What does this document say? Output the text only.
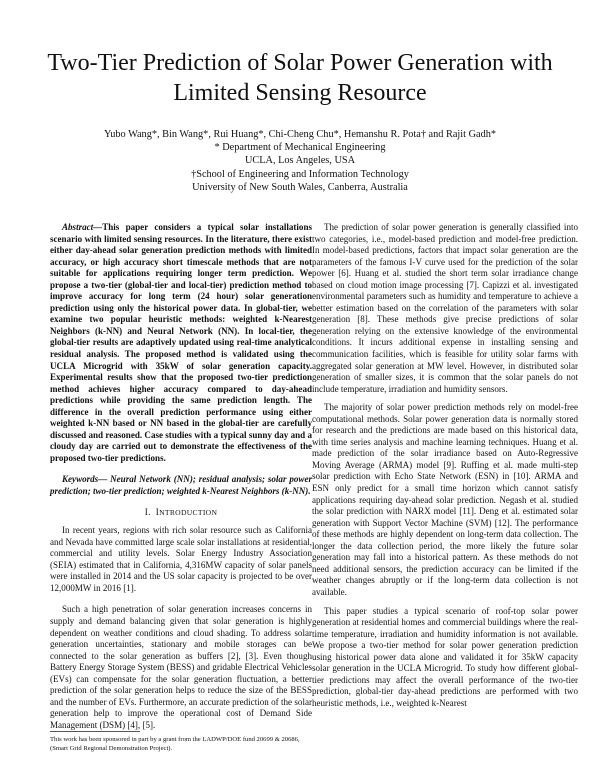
Two-Tier Prediction of Solar Power Generation with
Limited Sensing Resource
Yubo Wang*, Bin Wang*, Rui Huang*, Chi-Cheng Chu*, Hemanshu R. Pota† and Rajit Gadh*
* Department of Mechanical Engineering
UCLA, Los Angeles, USA
†School of Engineering and Information Technology
University of New South Wales, Canberra, Australia

Abstract—This paper considers a typical solar installations scenario with limited sensing resources. In the literature, there exist either day-ahead solar generation prediction methods with limited accuracy, or high accuracy short timescale methods that are not suitable for applications requiring longer term prediction. We propose a two-tier (global-tier and local-tier) prediction method to improve accuracy for long term (24 hour) solar generation prediction using only the historical power data. In global-tier, we examine two popular heuristic methods: weighted k-Nearest Neighbors (k-NN) and Neural Network (NN). In local-tier, the global-tier results are adaptively updated using real-time analytical residual analysis. The proposed method is validated using the UCLA Microgrid with 35kW of solar generation capacity. Experimental results show that the proposed two-tier prediction method achieves higher accuracy compared to day-ahead predictions while providing the same prediction length. The difference in the overall prediction performance using either weighted k-NN based or NN based in the global-tier are carefully discussed and reasoned. Case studies with a typical sunny day and a cloudy day are carried out to demonstrate the effectiveness of the proposed two-tier predictions.

Keywords— Neural Network (NN); residual analysis; solar power prediction; two-tier prediction; weighted k-Nearest Neighbors (k-NN).

I. INTRODUCTION

In recent years, regions with rich solar resource such as California and Nevada have committed large scale solar installations at residential, commercial and utility levels. Solar Energy Industry Association (SEIA) estimated that in California, 4,316MW capacity of solar panels were installed in 2014 and the US solar capacity is projected to be over 12,000MW in 2016 [1].

Such a high penetration of solar generation increases concerns in supply and demand balancing given that solar generation is highly dependent on weather conditions and cloud shading. To address solar generation uncertainties, stationary and mobile storages can be connected to the solar generation as buffers [2], [3]. Even though Battery Energy Storage System (BESS) and gridable Electrical Vehicles (EVs) can compensate for the solar generation fluctuation, a better prediction of the solar generation helps to reduce the size of the BESS and the number of EVs. Furthermore, an accurate prediction of the solar generation help to improve the operational cost of Demand Side Management (DSM) [4], [5].

The prediction of solar power generation is generally classified into two categories, i.e., model-based prediction and model-free prediction. In model-based predictions, factors that impact solar generation are the parameters of the famous I-V curve used for the prediction of the solar power [6]. Huang et al. studied the short term solar irradiance change based on cloud motion image processing [7]. Capizzi et al. investigated environmental parameters such as humidity and temperature to achieve a better estimation based on the correlation of the parameters with solar generation [8]. These methods give precise predictions of solar generation relying on the extensive knowledge of the environmental conditions. It incurs additional expense in installing sensing and communication facilities, which is feasible for utility solar farms with aggregated solar generation at MW level. However, in distributed solar generation of smaller sizes, it is common that the solar panels do not include temperature, irradiation and humidity sensors.

The majority of solar power prediction methods rely on model-free computational methods. Solar power generation data is normally stored for research and the predictions are made based on this historical data, with time series analysis and machine learning techniques. Huang et al. made prediction of the solar irradiance based on Auto-Regressive Moving Average (ARMA) model [9]. Ruffing et al. made multi-step solar prediction with Echo State Network (ESN) in [10]. ARMA and ESN only predict for a small time horizon which cannot satisfy applications requiring day-ahead solar prediction. Negash et al. studied the solar prediction with NARX model [11]. Deng et al. estimated solar generation with Support Vector Machine (SVM) [12]. The performance of these methods are highly dependent on long-term data collection. The longer the data collection period, the more likely the future solar generation may fall into a historical pattern. As these methods do not need additional sensors, the prediction accuracy can be limited if the weather changes abruptly or if the long-term data collection is not available.

This paper studies a typical scenario of roof-top solar power generation at residential homes and commercial buildings where the real-time temperature, irradiation and humidity information is not available. We propose a two-tier method for solar power generation prediction using historical power data alone and validated it for 35kW capacity solar generation in the UCLA Microgrid. To study how different global-tier predictions may affect the overall performance of the two-tier prediction, global-tier day-ahead predictions are performed with two heuristic methods, i.e., weighted k-Nearest

This work has been sponsored in part by a grant from the LADWP/DOE fund 20699 & 20686, (Smart Grid Regional Demonstration Project).
